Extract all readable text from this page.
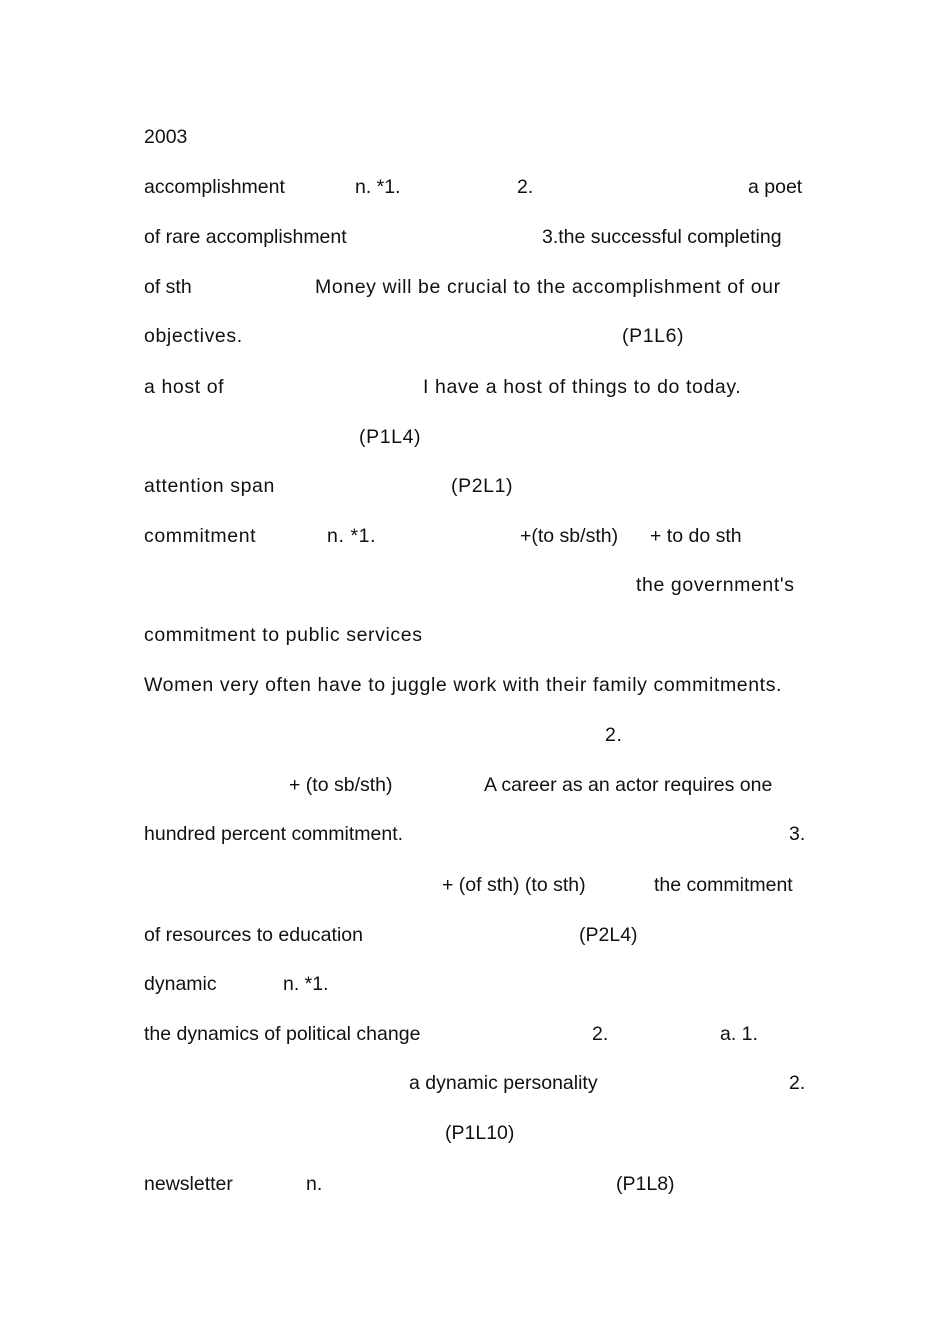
2003
accomplishment	n. *1.	2.	a poet
of rare accomplishment	3.the successful completing
of sth	Money will be crucial to the accomplishment of our
objectives.	(P1L6)
a host of	I have a host of things to do today.
(P1L4)
attention span	(P2L1)
commitment	n. *1.	+(to sb/sth) + to do sth
the government's
commitment to public services
Women very often have to juggle work with their family commitments.
2.
+ (to sb/sth)	A career as an actor requires one
hundred percent commitment.	3.
+ (of sth) (to sth)	the commitment
of resources to education	(P2L4)
dynamic	n. *1.
the dynamics of political change	2.	a. 1.
a dynamic personality	2.
(P1L10)
newsletter	n.	(P1L8)
